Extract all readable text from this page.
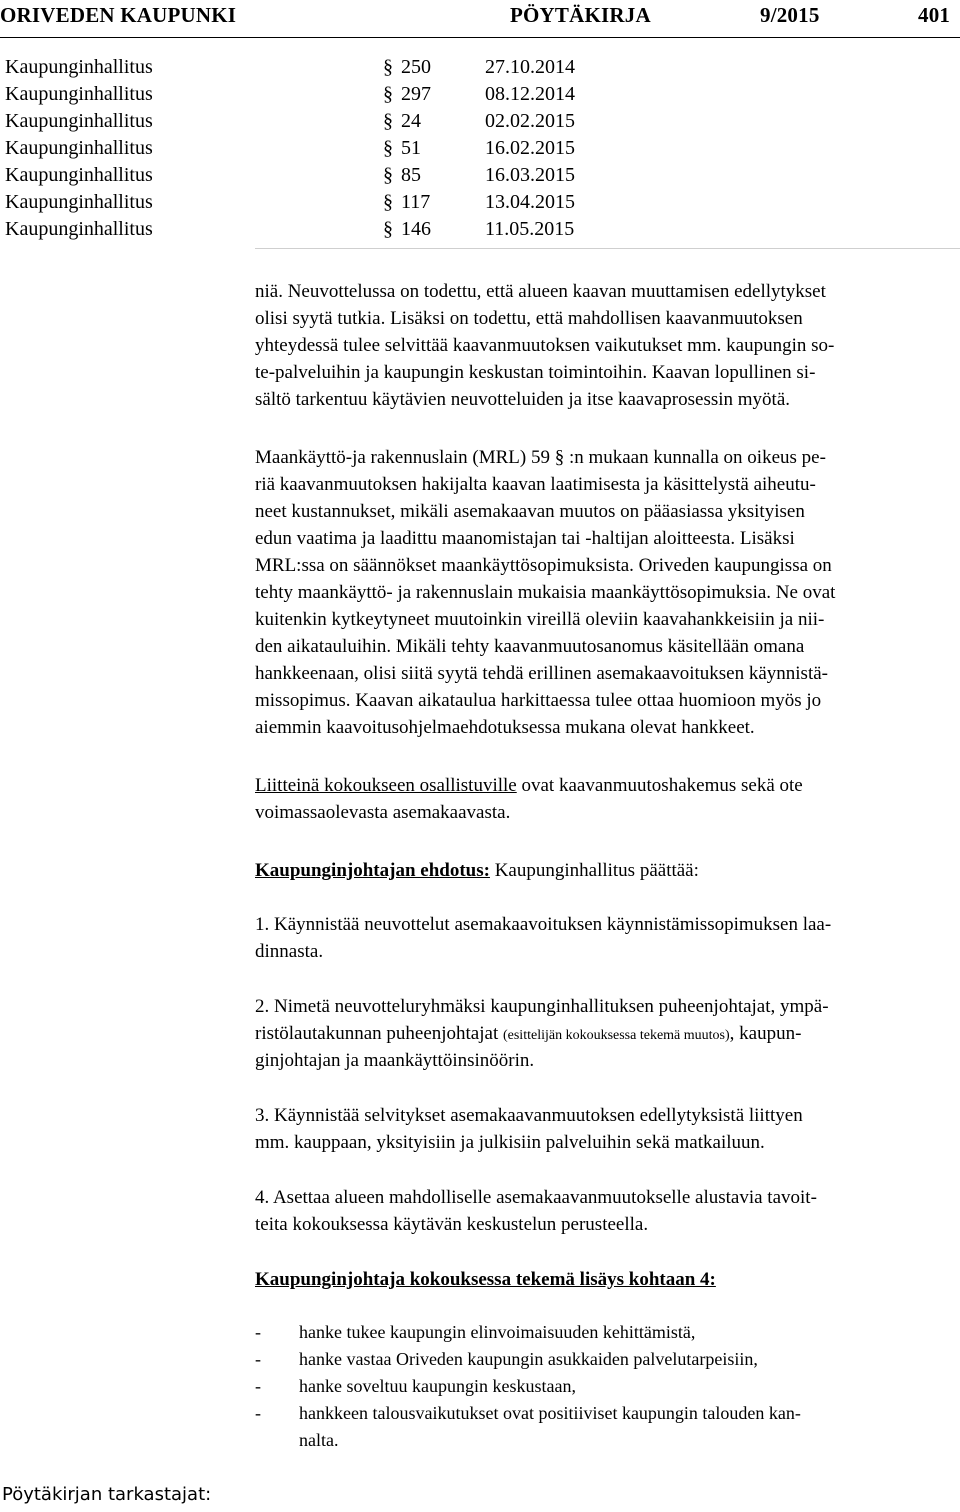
ORIVEDEN KAUPUNKI	PÖYTÄKIRJA	9/2015	401
Kaupunginhallitus	§ 250	27.10.2014
Kaupunginhallitus	§ 297	08.12.2014
Kaupunginhallitus	§ 24	02.02.2015
Kaupunginhallitus	§ 51	16.02.2015
Kaupunginhallitus	§ 85	16.03.2015
Kaupunginhallitus	§ 117	13.04.2015
Kaupunginhallitus	§ 146	11.05.2015
niä. Neuvottelussa on todettu, että alueen kaavan muuttamisen edellytykset
olisi syytä tutkia. Lisäksi on todettu, että mahdollisen kaavanmuutoksen
yhteydessä tulee selvittää kaavanmuutoksen vaikutukset mm. kaupungin so-
te-palveluihin ja kaupungin keskustan toimintoihin. Kaavan lopullinen si-
sältö tarkentuu käytävien neuvotteluiden ja itse kaavaprosessin myötä.
Maankäyttö-ja rakennuslain (MRL) 59 § :n mukaan kunnalla on oikeus pe-
riä kaavanmuutoksen hakijalta kaavan laatimisesta ja käsittelystä aiheutu-
neet kustannukset, mikäli asemakaavan muutos on pääasiassa yksityisen
edun vaatima ja laadittu maanomistajan tai -haltijan aloitteesta. Lisäksi
MRL:ssa on säännökset maankäyttösopimuksista. Oriveden kaupungissa on
tehty maankäyttö- ja rakennuslain mukaisia maankäyttösopimuksia. Ne ovat
kuitenkin kytkeytyneet muutoinkin vireillä oleviin kaavahankkeisiin ja nii-
den aikatauluihin. Mikäli tehty kaavanmuutosanomus käsitellään omana
hankkeenaan, olisi siitä syytä tehdä erillinen asemakaavoituksen käynnistä-
missopimus. Kaavan aikataulua harkittaessa tulee ottaa huomioon myös jo
aiemmin kaavoitusohjelmaehdotuksessa mukana olevat hankkeet.
Liitteinä kokoukseen osallistuville ovat kaavanmuutoshakemus sekä ote
voimassaolevasta asemakaavasta.
Kaupunginjohtajan ehdotus: Kaupunginhallitus päättää:
1. Käynnistää neuvottelut asemakaavoituksen käynnistämissopimuksen laa-
dinnasta.
2. Nimetä neuvotteluryhmäksi kaupunginhallituksen puheenjohtajat, ympä-
ristölautakunnan puheenjohtajat (esittelijän kokouksessa tekemä muutos), kaupun-
ginjohtajan ja maankäyttöinsinöörin.
3. Käynnistää selvitykset asemakaavanmuutoksen edellytyksistä liittyen
mm. kauppaan, yksityisiin ja julkisiin palveluihin sekä matkailuun.
4. Asettaa alueen mahdolliselle asemakaavanmuutokselle alustavia tavoit-
teita kokouksessa käytävän keskustelun perusteella.
Kaupunginjohtaja kokouksessa tekemä lisäys kohtaan 4:
- hanke tukee kaupungin elinvoimaisuuden kehittämistä,
- hanke vastaa Oriveden kaupungin asukkaiden palvelutarpeisiin,
- hanke soveltuu kaupungin keskustaan,
- hankkeen talousvaikutukset ovat positiiviset kaupungin talouden kan-
nalta.
Pöytäkirjan tarkastajat:
